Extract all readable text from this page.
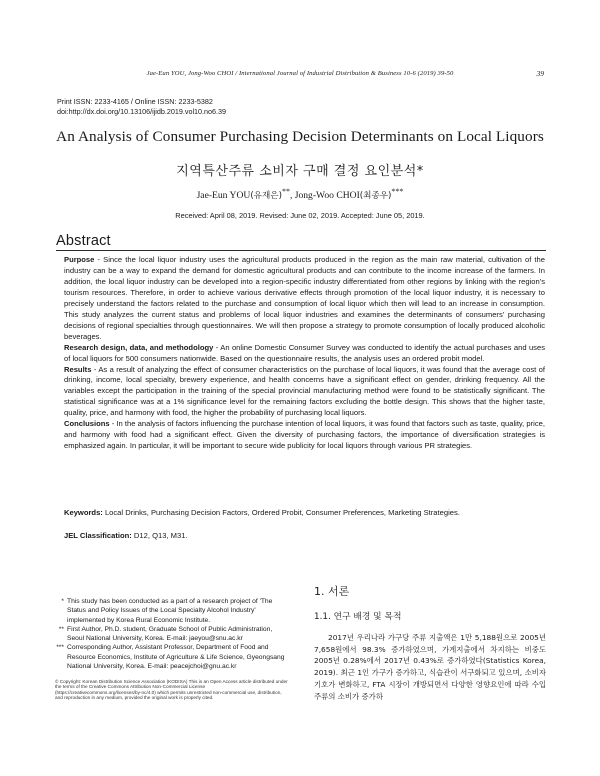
Jae-Eun YOU, Jong-Woo CHOI / International Journal of Industrial Distribution & Business 10-6 (2019) 39-50	39
Print ISSN: 2233-4165 / Online ISSN: 2233-5382
doi:http://dx.doi.org/10.13106/ijidb.2019.vol10.no6.39
An Analysis of Consumer Purchasing Decision Determinants on Local Liquors
지역특산주류 소비자 구매 결정 요인분석*
Jae-Eun YOU(유재은)**, Jong-Woo CHOI(최종우)***
Received: April 08, 2019. Revised: June 02, 2019. Accepted: June 05, 2019.
Abstract

Purpose - Since the local liquor industry uses the agricultural products produced in the region as the main raw material, cultivation of the industry can be a way to expand the demand for domestic agricultural products and can contribute to the income increase of the farmers. In addition, the local liquor industry can be developed into a region-specific industry differentiated from other regions by linking with the region's tourism resources. Therefore, in order to achieve various derivative effects through promotion of the local liquor industry, it is necessary to precisely understand the factors related to the purchase and consumption of local liquor which then will lead to an increase in consumption. This study analyzes the current status and problems of local liquor industries and examines the determinants of consumers' purchasing decisions of regional specialties through questionnaires. We will then propose a strategy to promote consumption of locally produced alcoholic beverages.

Research design, data, and methodology - An online Domestic Consumer Survey was conducted to identify the actual purchases and uses of local liquors for 500 consumers nationwide. Based on the questionnaire results, the analysis uses an ordered probit model.

Results - As a result of analyzing the effect of consumer characteristics on the purchase of local liquors, it was found that the average cost of drinking, income, local specialty, brewery experience, and health concerns have a significant effect on gender, drinking frequency. All the variables except the participation in the training of the special provincial manufacturing method were found to be statistically significant. The statistical significance was at a 1% significance level for the remaining factors excluding the bottle design. This shows that the higher taste, quality, price, and harmony with food, the higher the probability of purchasing local liquors.

Conclusions - In the analysis of factors influencing the purchase intention of local liquors, it was found that factors such as taste, quality, price, and harmony with food had a significant effect. Given the diversity of purchasing factors, the importance of diversification strategies is emphasized again. In particular, it will be important to secure wide publicity for local liquors through various PR strategies.

Keywords: Local Drinks, Purchasing Decision Factors, Ordered Probit, Consumer Preferences, Marketing Strategies.
JEL Classification: D12, Q13, M31.
* This study has been conducted as a part of a research project of 'The Status and Policy Issues of the Local Specialty Alcohol Industry' implemented by Korea Rural Economic Institute.
** First Author, Ph.D. student, Graduate School of Public Administration, Seoul National University, Korea. E-mail: jaeyou@snu.ac.kr
*** Corresponding Author, Assistant Professor, Department of Food and Resource Economics, Institute of Agriculture & Life Science, Gyeongsang National University, Korea. E-mail: peacejchoi@gnu.ac.kr
© Copyright: Korean Distribution Science Association (KODISA) This is an Open Access article distributed under the terms of the Creative Commons Attribution Non-Commercial License (https://creativecommons.org/licenses/by-nc/4.0) which permits unrestricted non-commercial use, distribution, and reproduction in any medium, provided the original work is properly cited.
1. 서론
1.1. 연구 배경 및 목적
2017년 우리나라 가구당 주류 지출액은 1만 5,188원으로 2005년 7,658원에서 98.3% 증가하였으며, 가계지출에서 차지하는 비중도 2005년 0.28%에서 2017년 0.43%로 증가하였다(Statistics Korea, 2019). 최근 1인 가구가 증가하고, 식습관이 서구화되고 있으며, 소비자 기호가 변화하고, FTA 시장이 개방되면서 다양한 영향요인에 따라 수입 주류의 소비가 증가하
